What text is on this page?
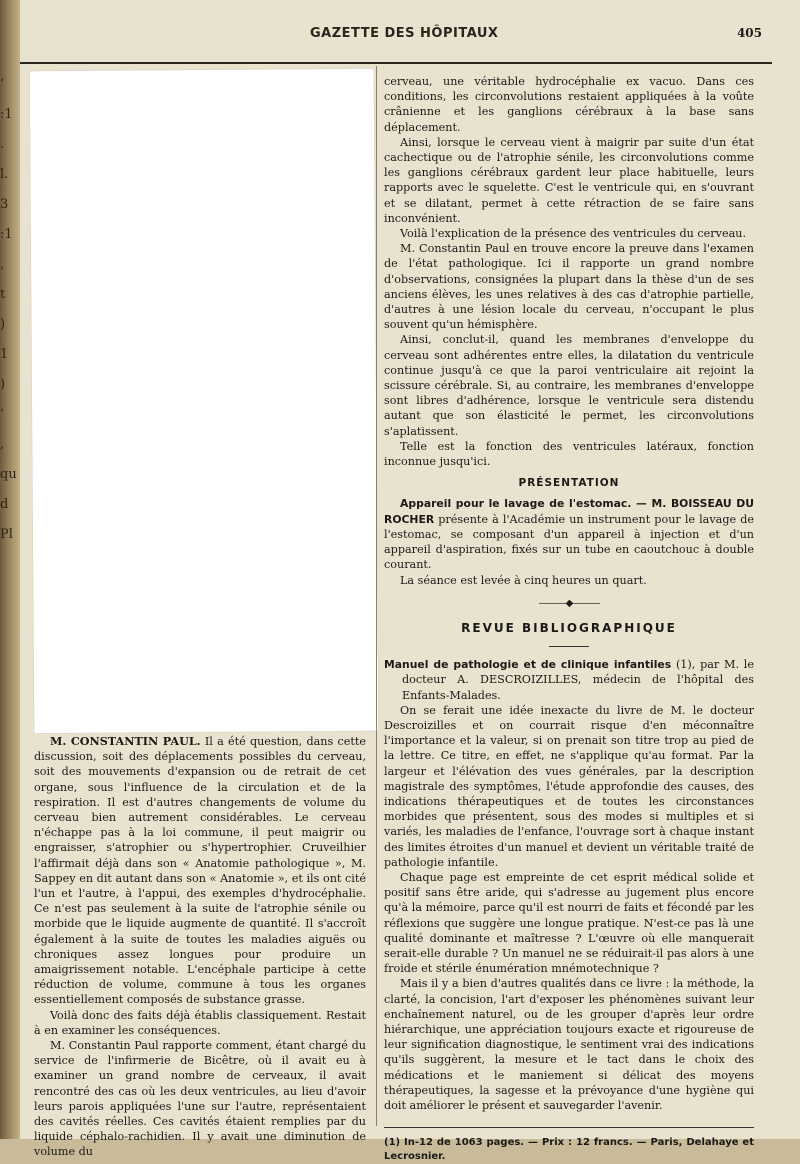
’
:1
.
l.
3
:1
,
t
)
1
)
’
,
qu
d
Pl
GAZETTE DES HÔPITAUX	405

M. CONSTANTIN PAUL. Il a été question, dans cette discussion, soit des déplacements possibles du cerveau, soit des mouvements d'expansion ou de retrait de cet organe, sous l'influence de la circulation et de la respiration. Il est d'autres changements de volume du cerveau bien autrement considérables. Le cerveau n'échappe pas à la loi commune, il peut maigrir ou engraisser, s'atrophier ou s'hypertrophier. Cruveilhier l'affirmait déjà dans son « Anatomie pathologique », M. Sappey en dit autant dans son « Anatomie », et ils ont cité l'un et l'autre, à l'appui, des exemples d'hydrocéphalie. Ce n'est pas seulement à la suite de l'atrophie sénile ou morbide que le liquide augmente de quantité. Il s'accroît également à la suite de toutes les maladies aiguës ou chroniques assez longues pour produire un amaigrissement notable. L'encéphale participe à cette réduction de volume, commune à tous les organes essentiellement composés de substance grasse.

Voilà donc des faits déjà établis classiquement. Restait à en examiner les conséquences.

M. Constantin Paul rapporte comment, étant chargé du service de l'infirmerie de Bicêtre, où il avait eu à examiner un grand nombre de cerveaux, il avait rencontré des cas où les deux ventricules, au lieu d'avoir leurs parois appliquées l'une sur l'autre, représentaient des cavités réelles. Ces cavités étaient remplies par du liquide céphalo-rachidien. Il y avait une diminution de volume du

cerveau, une véritable hydrocéphalie ex vacuo. Dans ces conditions, les circonvolutions restaient appliquées à la voûte crânienne et les ganglions cérébraux à la base sans déplacement.

Ainsi, lorsque le cerveau vient à maigrir par suite d'un état cachectique ou de l'atrophie sénile, les circonvolutions comme les ganglions cérébraux gardent leur place habituelle, leurs rapports avec le squelette. C'est le ventricule qui, en s'ouvrant et se dilatant, permet à cette rétraction de se faire sans inconvénient.

Voilà l'explication de la présence des ventricules du cerveau.

M. Constantin Paul en trouve encore la preuve dans l'examen de l'état pathologique. Ici il rapporte un grand nombre d'observations, consignées la plupart dans la thèse d'un de ses anciens élèves, les unes relatives à des cas d'atrophie partielle, d'autres à une lésion locale du cerveau, n'occupant le plus souvent qu'un hémisphère.

Ainsi, conclut-il, quand les membranes d'enveloppe du cerveau sont adhérentes entre elles, la dilatation du ventricule continue jusqu'à ce que la paroi ventriculaire ait rejoint la scissure cérébrale. Si, au contraire, les membranes d'enveloppe sont libres d'adhérence, lorsque le ventricule sera distendu autant que son élasticité le permet, les circonvolutions s'aplatissent.

Telle est la fonction des ventricules latéraux, fonction inconnue jusqu'ici.

PRÉSENTATION

Appareil pour le lavage de l'estomac. — M. BOISSEAU DU ROCHER présente à l'Académie un instrument pour le lavage de l'estomac, se composant d'un appareil à injection et d'un appareil d'aspiration, fixés sur un tube en caoutchouc à double courant.

La séance est levée à cinq heures un quart.

———◆———
REVUE BIBLIOGRAPHIQUE

Manuel de pathologie et de clinique infantiles (1), par M. le docteur A. DESCROIZILLES, médecin de l'hôpital des Enfants-Malades.

On se ferait une idée inexacte du livre de M. le docteur Descroizilles et on courrait risque d'en méconnaître l'importance et la valeur, si on prenait son titre trop au pied de la lettre. Ce titre, en effet, ne s'applique qu'au format. Par la largeur et l'élévation des vues générales, par la description magistrale des symptômes, l'étude approfondie des causes, des indications thérapeutiques et de toutes les circonstances morbides que présentent, sous des modes si multiples et si variés, les maladies de l'enfance, l'ouvrage sort à chaque instant des limites étroites d'un manuel et devient un véritable traité de pathologie infantile.

Chaque page est empreinte de cet esprit médical solide et positif sans être aride, qui s'adresse au jugement plus encore qu'à la mémoire, parce qu'il est nourri de faits et fécondé par les réflexions que suggère une longue pratique. N'est-ce pas là une qualité dominante et maîtresse ? L'œuvre où elle manquerait serait-elle durable ? Un manuel ne se réduirait-il pas alors à une froide et stérile énumération mnémotechnique ?

Mais il y a bien d'autres qualités dans ce livre : la méthode, la clarté, la concision, l'art d'exposer les phénomènes suivant leur enchaînement naturel, ou de les grouper d'après leur ordre hiérarchique, une appréciation toujours exacte et rigoureuse de leur signification diagnostique, le sentiment vrai des indications qu'ils suggèrent, la mesure et le tact dans le choix des médications et le maniement si délicat des moyens thérapeutiques, la sagesse et la prévoyance d'une hygiène qui doit améliorer le présent et sauvegarder l'avenir.

(1) In-12 de 1063 pages. — Prix : 12 francs. — Paris, Delahaye et Lecrosnier.
